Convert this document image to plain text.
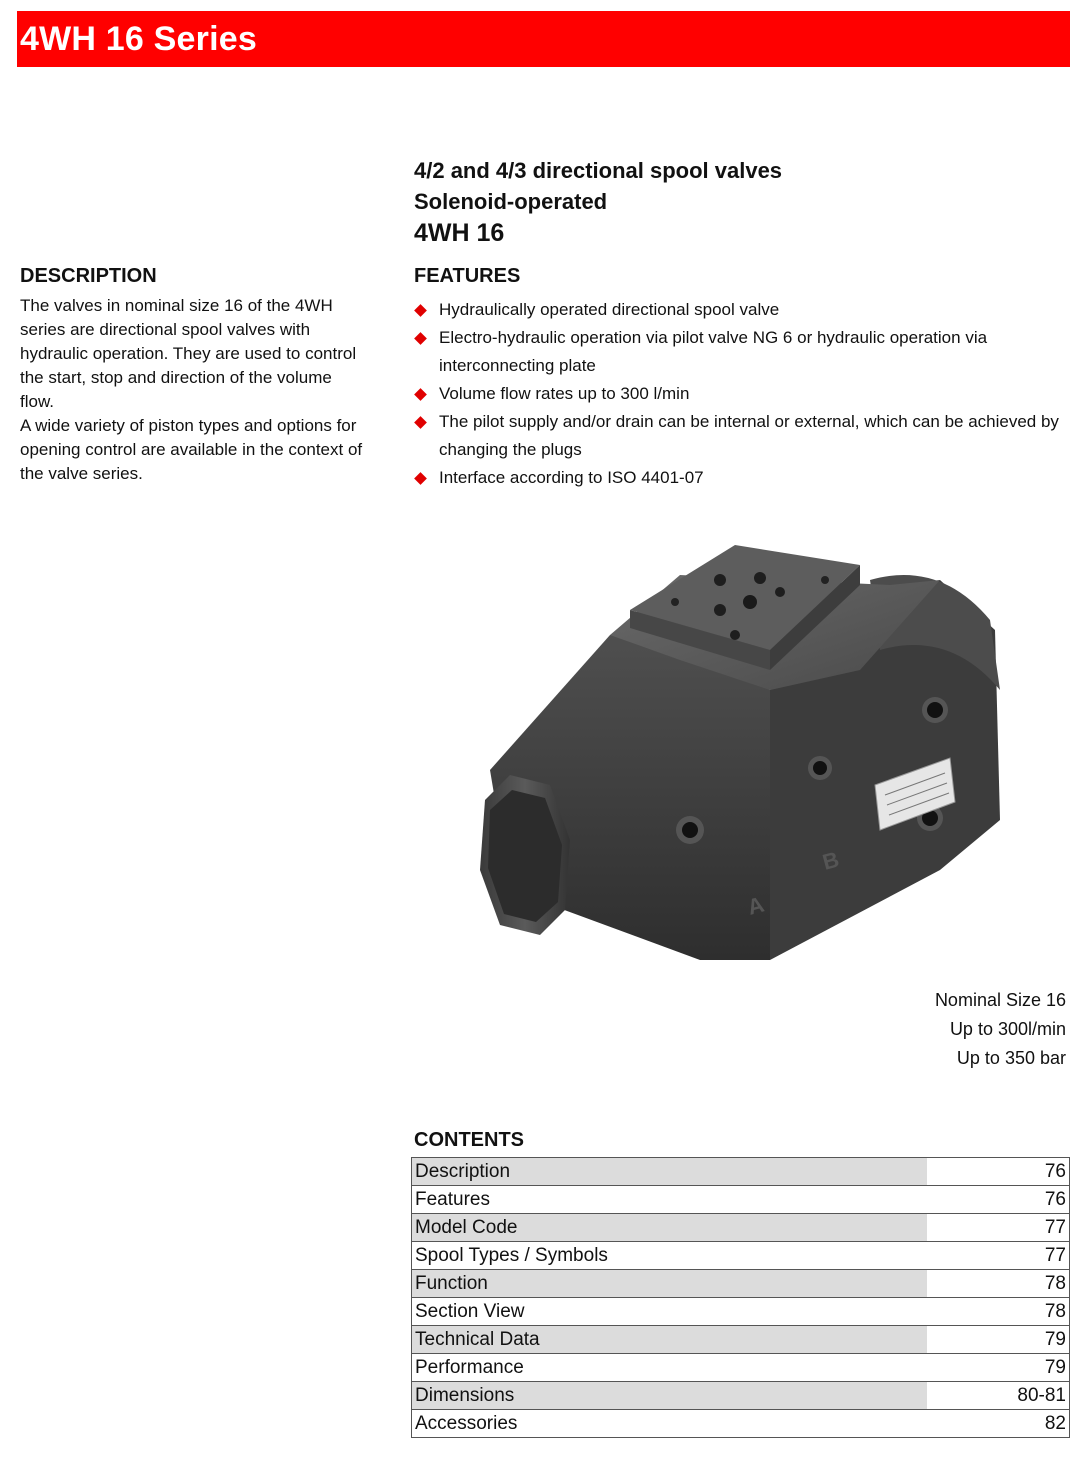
4WH 16 Series
4/2 and 4/3 directional spool valves
Solenoid-operated
4WH 16
DESCRIPTION

The valves in nominal size 16 of the 4WH series are directional spool valves with hydraulic operation. They are used to control the start, stop and direction of the volume flow.

A wide variety of piston types and options for opening control are available in the context of the valve series.

FEATURES
Hydraulically operated directional spool valve
Electro-hydraulic operation via pilot valve NG 6 or hydraulic operation via interconnecting plate
Volume flow rates up to 300 l/min
The pilot supply and/or drain can be internal or external, which can be achieved by changing the plugs
Interface according to ISO 4401-07
A
B
Nominal Size 16
Up to 300l/min
Up to 350 bar
CONTENTS
Description	76
Features	76
Model Code	77
Spool Types / Symbols	77
Function	78
Section View	78
Technical Data	79
Performance	79
Dimensions	80-81
Accessories	82
